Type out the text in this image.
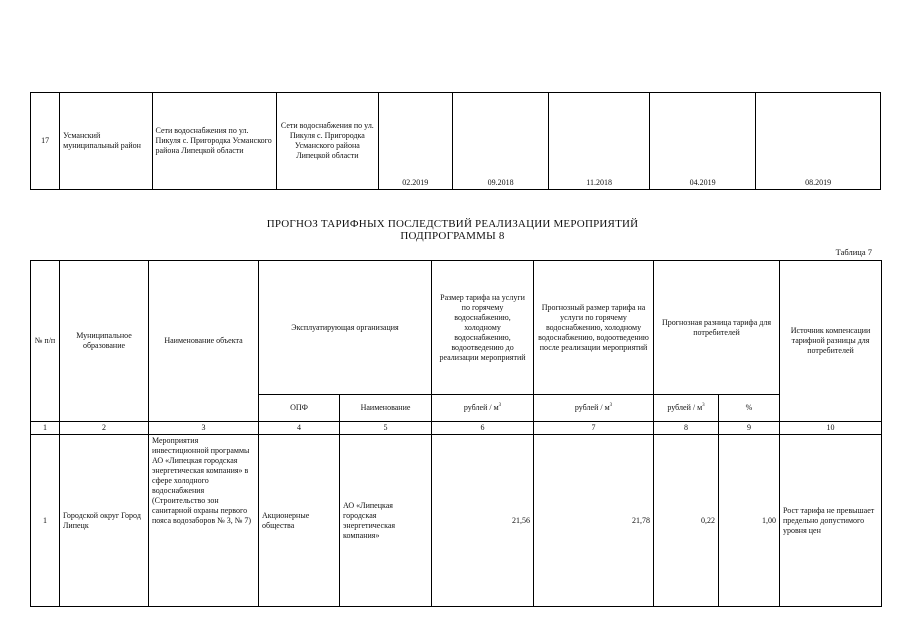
17	Усманский муниципальный район	Сети водоснабжения по ул. Пикуля с. Пригородка Усманского района Липецкой области	Сети водоснабжения по ул. Пикуля с. Пригородка Усманского района Липецкой области	02.2019	09.2018	11.2018	04.2019	08.2019
ПРОГНОЗ ТАРИФНЫХ ПОСЛЕДСТВИЙ РЕАЛИЗАЦИИ МЕРОПРИЯТИЙ
ПОДПРОГРАММЫ 8
Таблица 7
№ п/п	Муниципальное образование	Наименование объекта	Эксплуатирующая организация		Размер тарифа на услуги по горячему водоснабжению, холодному водоснабжению, водоотведению до реализации мероприятий	Прогнозный размер тарифа на услуги по горячему водоснабжению, холодному водоснабжению, водоотведению после реализации мероприятий	Прогнозная разница тарифа для потребителей		Источник компенсации тарифной разницы для потребителей
			ОПФ	Наименование	рублей / $м^3$	рублей / $м^3$	рублей / $м^3$	%	
1	2	3	4	5	6	7	8	9	10
1	Городской округ Город Липецк	Мероприятия инвестиционной программы АО «Липецкая городская энергетическая компания» в сфере холодного водоснабжения (Строительство зон санитарной охраны первого пояса водозаборов № 3, № 7)	Акционерные общества	АО «Липецкая городская энергетическая компания»	21,56	21,78	0,22	1,00	Рост тарифа не превышает предельно допустимого уровня цен
